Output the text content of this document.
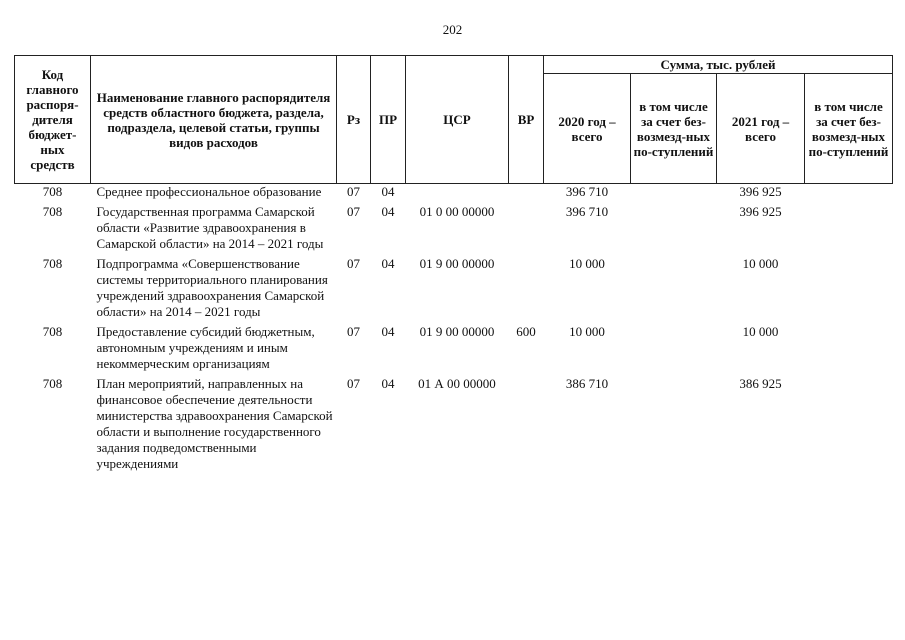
202
Код главного распоря-дителя бюджет-ных средств	Наименование главного распорядителя средств областного бюджета, раздела, подраздела, целевой статьи, группы видов расходов	Рз	ПР	ЦСР	ВР	Сумма, тыс. рублей			
						2020 год – всего	в том числе за счет без-возмезд-ных по-ступлений	2021 год – всего	в том числе за счет без-возмезд-ных по-ступлений
708	Среднее профессиональное образование	07	04			396 710		396 925	
708	Государственная программа Самарской области «Развитие здравоохранения в Самарской области» на 2014 – 2021 годы	07	04	01 0 00 00000		396 710		396 925	
708	Подпрограмма «Совершенствование системы территориального планирования учреждений здравоохранения Самарской области» на 2014 – 2021 годы	07	04	01 9 00 00000		10 000		10 000	
708	Предоставление субсидий бюджетным, автономным учреждениям и иным некоммерческим организациям	07	04	01 9 00 00000	600	10 000		10 000	
708	План мероприятий, направленных на финансовое обеспечение деятельности министерства здравоохранения Самарской области и выполнение государственного задания подведомственными учреждениями	07	04	01 А 00 00000		386 710		386 925	
